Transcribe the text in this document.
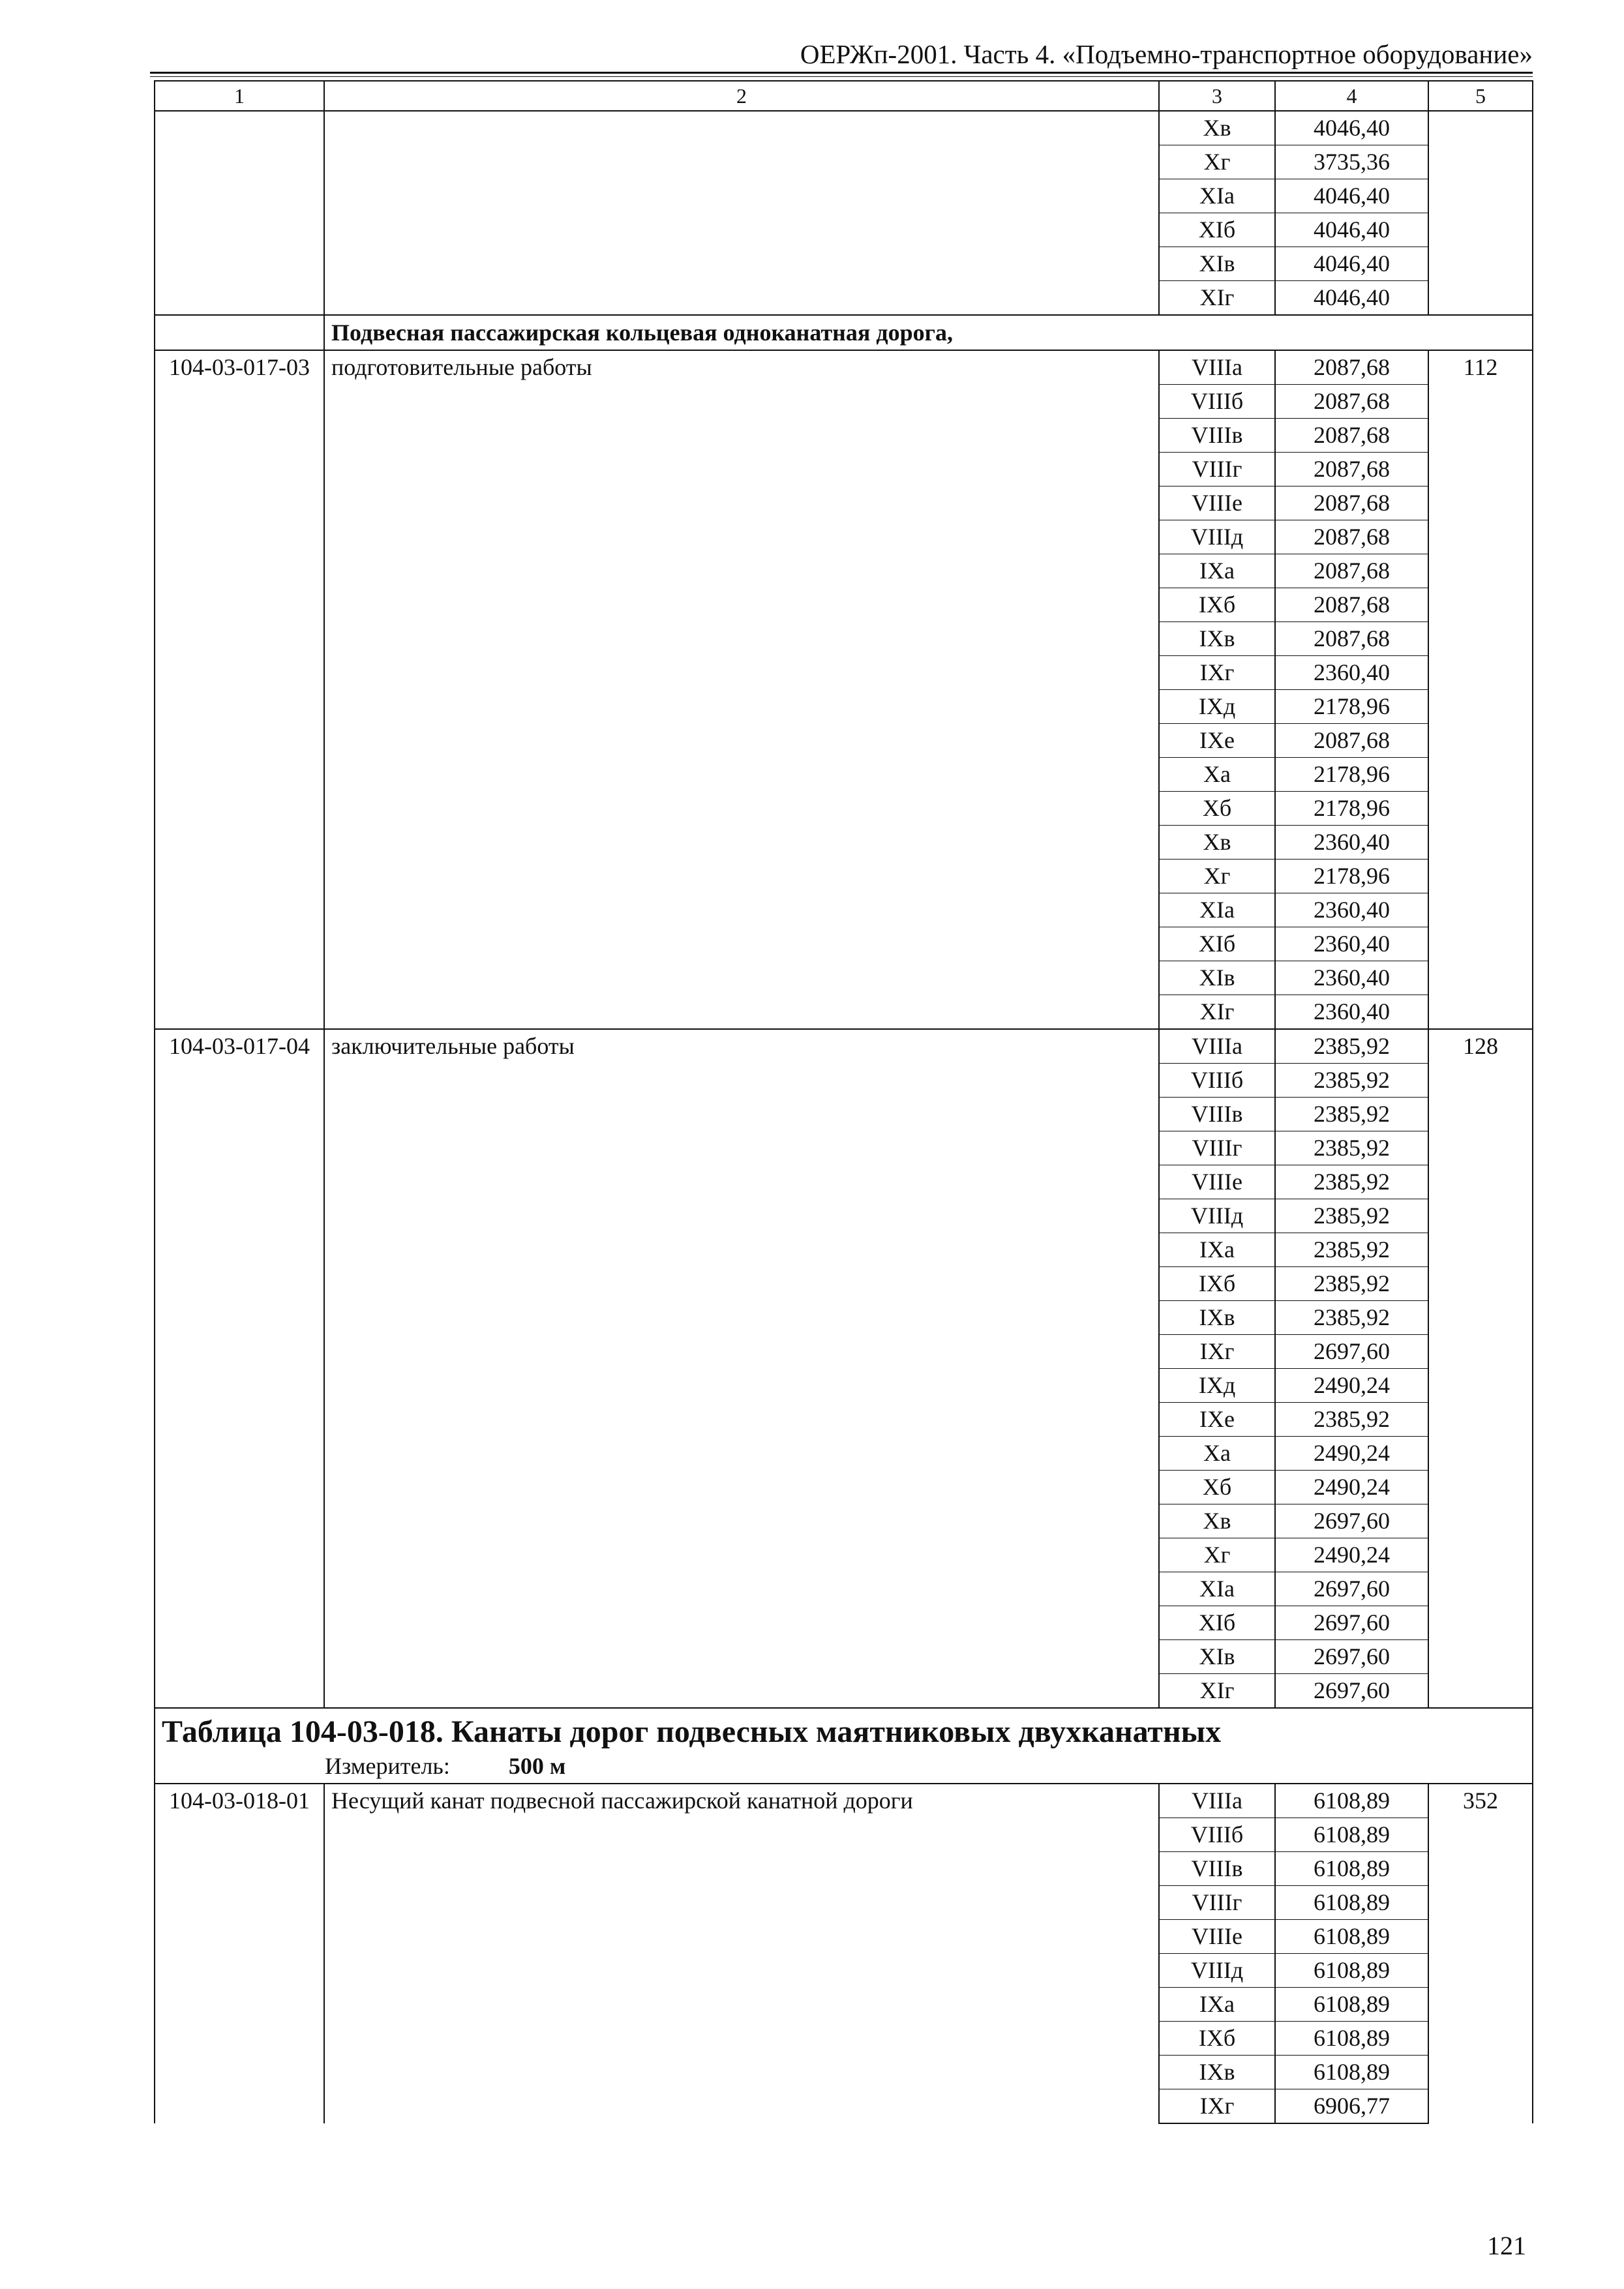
ОЕРЖп-2001. Часть 4. «Подъемно-транспортное оборудование»
1	2	3	4	5
		Хв	4046,40	
		Хг	3735,36	
		ХIа	4046,40	
		ХIб	4046,40	
		ХIв	4046,40	
		ХIг	4046,40	
	Подвесная пассажирская кольцевая одноканатная дорога,			
104-03-017-03	подготовительные работы	VIIIа	2087,68	112
		VIIIб	2087,68	
		VIIIв	2087,68	
		VIIIг	2087,68	
		VIIIе	2087,68	
		VIIIд	2087,68	
		IХа	2087,68	
		IХб	2087,68	
		IХв	2087,68	
		IХг	2360,40	
		IХд	2178,96	
		IХе	2087,68	
		Ха	2178,96	
		Хб	2178,96	
		Хв	2360,40	
		Хг	2178,96	
		ХIа	2360,40	
		ХIб	2360,40	
		ХIв	2360,40	
		ХIг	2360,40	
104-03-017-04	заключительные работы	VIIIа	2385,92	128
		VIIIб	2385,92	
		VIIIв	2385,92	
		VIIIг	2385,92	
		VIIIе	2385,92	
		VIIIд	2385,92	
		IХа	2385,92	
		IХб	2385,92	
		IХв	2385,92	
		IХг	2697,60	
		IХд	2490,24	
		IХе	2385,92	
		Ха	2490,24	
		Хб	2490,24	
		Хв	2697,60	
		Хг	2490,24	
		ХIа	2697,60	
		ХIб	2697,60	
		ХIв	2697,60	
		ХIг	2697,60	

Таблица 104-03-018. Канаты дорог подвесных маятниковых двухканатных
Измеритель: 500 м				

104-03-018-01	Несущий канат подвесной пассажирской канатной дороги	VIIIа	6108,89	352
		VIIIб	6108,89	
		VIIIв	6108,89	
		VIIIг	6108,89	
		VIIIе	6108,89	
		VIIIд	6108,89	
		IХа	6108,89	
		IХб	6108,89	
		IХв	6108,89	
		IХг	6906,77	
121
